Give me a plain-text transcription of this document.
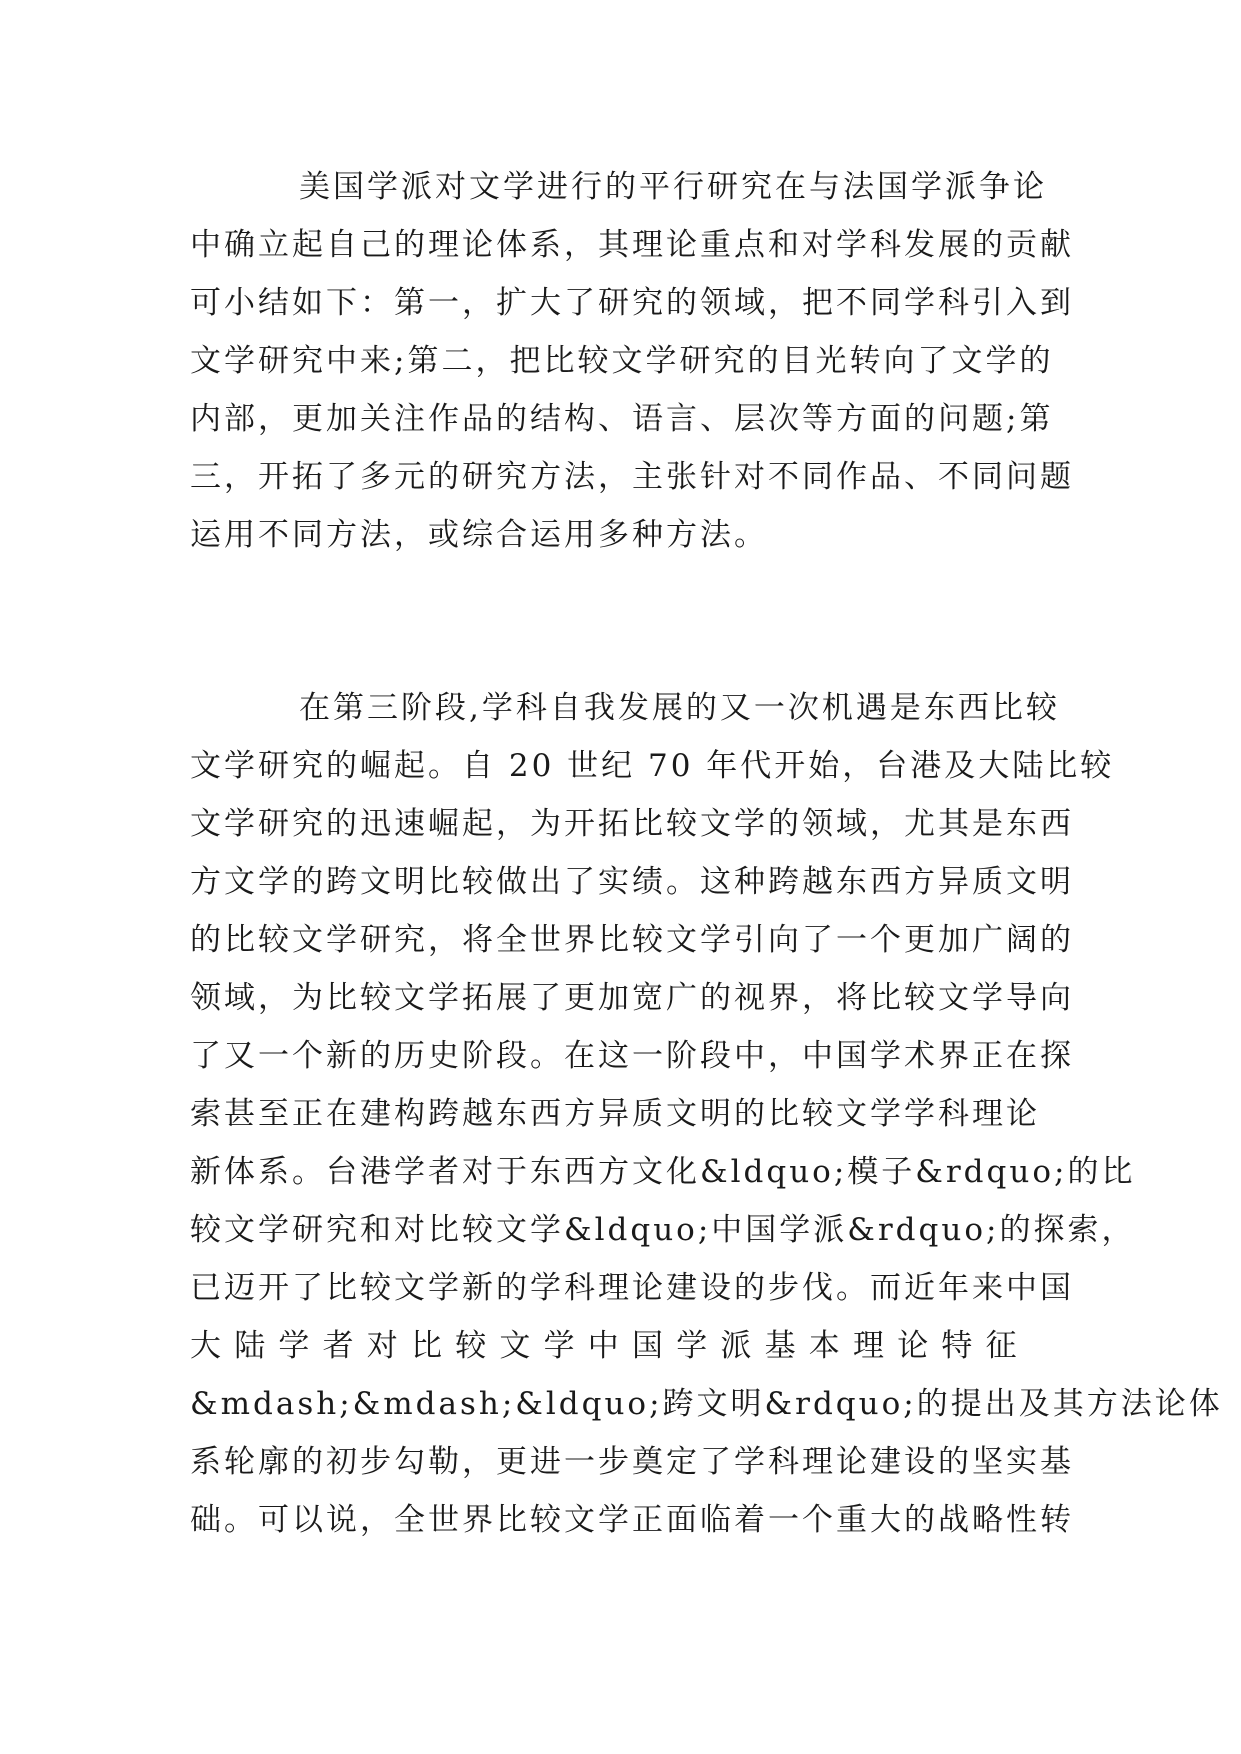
美国学派对文学进行的平行研究在与法国学派争论
中确立起自己的理论体系，其理论重点和对学科发展的贡献
可小结如下：第一，扩大了研究的领域，把不同学科引入到
文学研究中来;第二，把比较文学研究的目光转向了文学的
内部，更加关注作品的结构、语言、层次等方面的问题;第
三，开拓了多元的研究方法，主张针对不同作品、不同问题
运用不同方法，或综合运用多种方法。
在第三阶段,学科自我发展的又一次机遇是东西比较
文学研究的崛起。自 20 世纪 70 年代开始，台港及大陆比较
文学研究的迅速崛起，为开拓比较文学的领域，尤其是东西
方文学的跨文明比较做出了实绩。这种跨越东西方异质文明
的比较文学研究，将全世界比较文学引向了一个更加广阔的
领域，为比较文学拓展了更加宽广的视界，将比较文学导向
了又一个新的历史阶段。在这一阶段中，中国学术界正在探
索甚至正在建构跨越东西方异质文明的比较文学学科理论
新体系。台港学者对于东西方文化&ldquo;模子&rdquo;的比
较文学研究和对比较文学&ldquo;中国学派&rdquo;的探索，
已迈开了比较文学新的学科理论建设的步伐。而近年来中国
大陆学者对比较文学中国学派基本理论特征
&mdash;&mdash;&ldquo;跨文明&rdquo;的提出及其方法论体
系轮廓的初步勾勒，更进一步奠定了学科理论建设的坚实基
础。可以说，全世界比较文学正面临着一个重大的战略性转
